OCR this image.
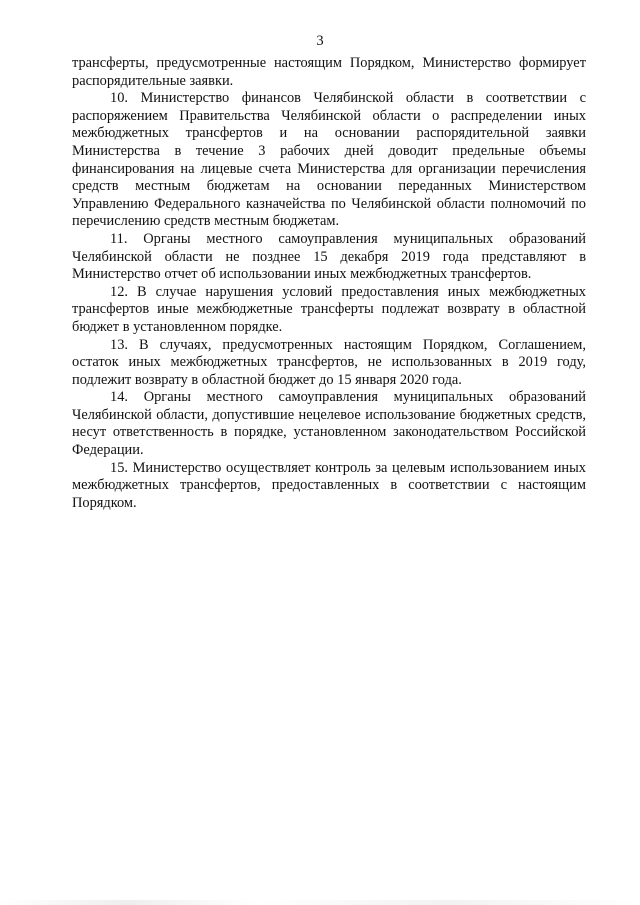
3

трансферты, предусмотренные настоящим Порядком, Министерство формирует распорядительные заявки.

10. Министерство финансов Челябинской области в соответствии с распоряжением Правительства Челябинской области о распределении иных межбюджетных трансфертов и на основании распорядительной заявки Министерства в течение 3 рабочих дней доводит предельные объемы финансирования на лицевые счета Министерства для организации перечисления средств местным бюджетам на основании переданных Министерством Управлению Федерального казначейства по Челябинской области полномочий по перечислению средств местным бюджетам.

11. Органы местного самоуправления муниципальных образований Челябинской области не позднее 15 декабря 2019 года представляют в Министерство отчет об использовании иных межбюджетных трансфертов.

12. В случае нарушения условий предоставления иных межбюджетных трансфертов иные межбюджетные трансферты подлежат возврату в областной бюджет в установленном порядке.

13. В случаях, предусмотренных настоящим Порядком, Соглашением, остаток иных межбюджетных трансфертов, не использованных в 2019 году, подлежит возврату в областной бюджет до 15 января 2020 года.

14. Органы местного самоуправления муниципальных образований Челябинской области, допустившие нецелевое использование бюджетных средств, несут ответственность в порядке, установленном законодательством Российской Федерации.

15. Министерство осуществляет контроль за целевым использованием иных межбюджетных трансфертов, предоставленных в соответствии с настоящим Порядком.
